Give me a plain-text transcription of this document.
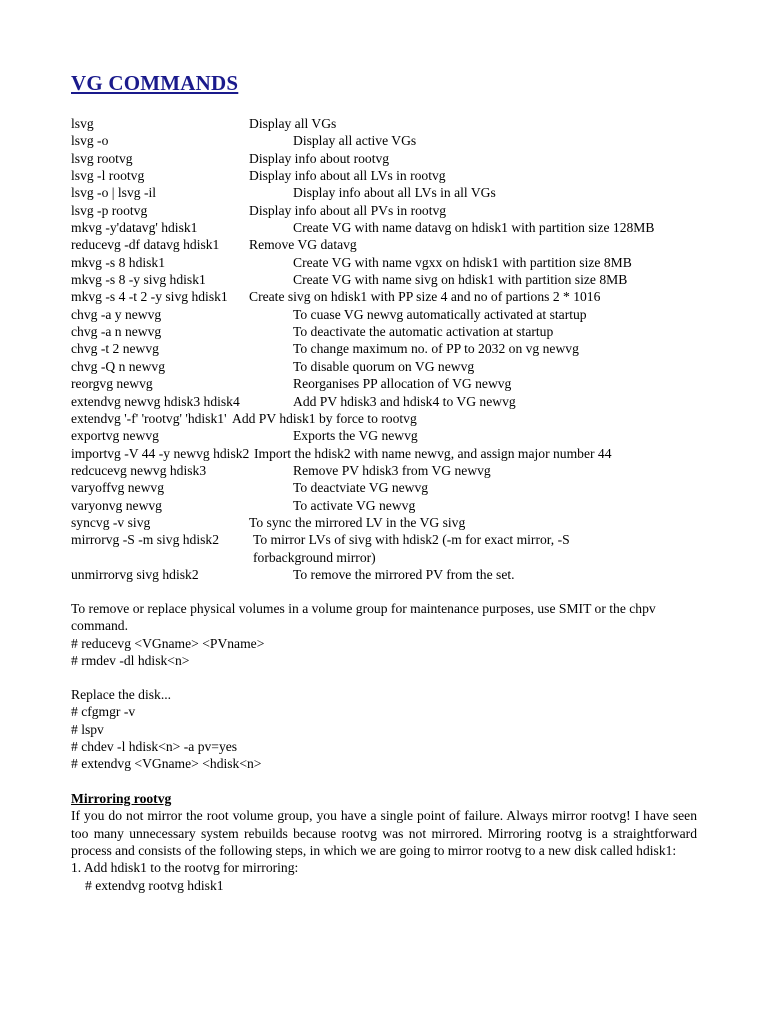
VG COMMANDS
lsvg	Display all VGs
lsvg -o	Display all active VGs
lsvg rootvg	Display info about rootvg
lsvg -l rootvg	Display info about all LVs in rootvg
lsvg -o | lsvg -il	Display info about all LVs in all VGs
lsvg -p rootvg	Display info about all PVs in rootvg
mkvg -y'datavg' hdisk1	Create VG with name datavg on hdisk1 with partition size 128MB
reducevg -df datavg hdisk1 Remove VG datavg
mkvg -s 8 hdisk1	Create VG with name vgxx on hdisk1 with partition size 8MB
mkvg -s 8 -y sivg hdisk1	Create VG with name sivg on hdisk1 with partition size 8MB
mkvg -s 4 -t 2 -y sivg hdisk1 Create sivg on hdisk1 with PP size 4 and no of partions 2 * 1016
chvg -a y newvg	To cuase VG newvg automatically activated at startup
chvg -a n newvg	To deactivate the automatic activation at startup
chvg -t 2 newvg	To change maximum no. of PP to 2032 on vg newvg
chvg -Q n newvg	To disable quorum on VG newvg
reorgvg newvg	Reorganises PP allocation of VG newvg
extendvg newvg hdisk3 hdisk4	Add PV hdisk3 and hdisk4 to VG newvg
extendvg '-f' 'rootvg' 'hdisk1' Add PV hdisk1 by force to rootvg
exportvg newvg	Exports the VG newvg
importvg -V 44 -y newvg hdisk2 Import the hdisk2 with name newvg, and assign major number 44
redcucevg newvg hdisk3	Remove PV hdisk3 from VG newvg
varyoffvg newvg	To deactviate VG newvg
varyonvg newvg	To activate VG newvg
syncvg -v sivg	To sync the mirrored LV in the VG sivg
mirrorvg -S -m sivg hdisk2 To mirror LVs of sivg with hdisk2 (-m for exact mirror, -S forbackground mirror)
unmirrorvg sivg hdisk2	To remove the mirrored PV from the set.

To remove or replace physical volumes in a volume group for maintenance purposes, use SMIT or the chpv command.

# reducevg <VGname> <PVname>

# rmdev -dl hdisk<n>

Replace the disk...

# cfgmgr -v

# lspv

# chdev -l hdisk<n> -a pv=yes

# extendvg <VGname> <hdisk<n>

Mirroring rootvg

If you do not mirror the root volume group, you have a single point of failure. Always mirror rootvg! I have seen too many unnecessary system rebuilds because rootvg was not mirrored. Mirroring rootvg is a straightforward process and consists of the following steps, in which we are going to mirror rootvg to a new disk called hdisk1:

1. Add hdisk1 to the rootvg for mirroring:

# extendvg rootvg hdisk1
